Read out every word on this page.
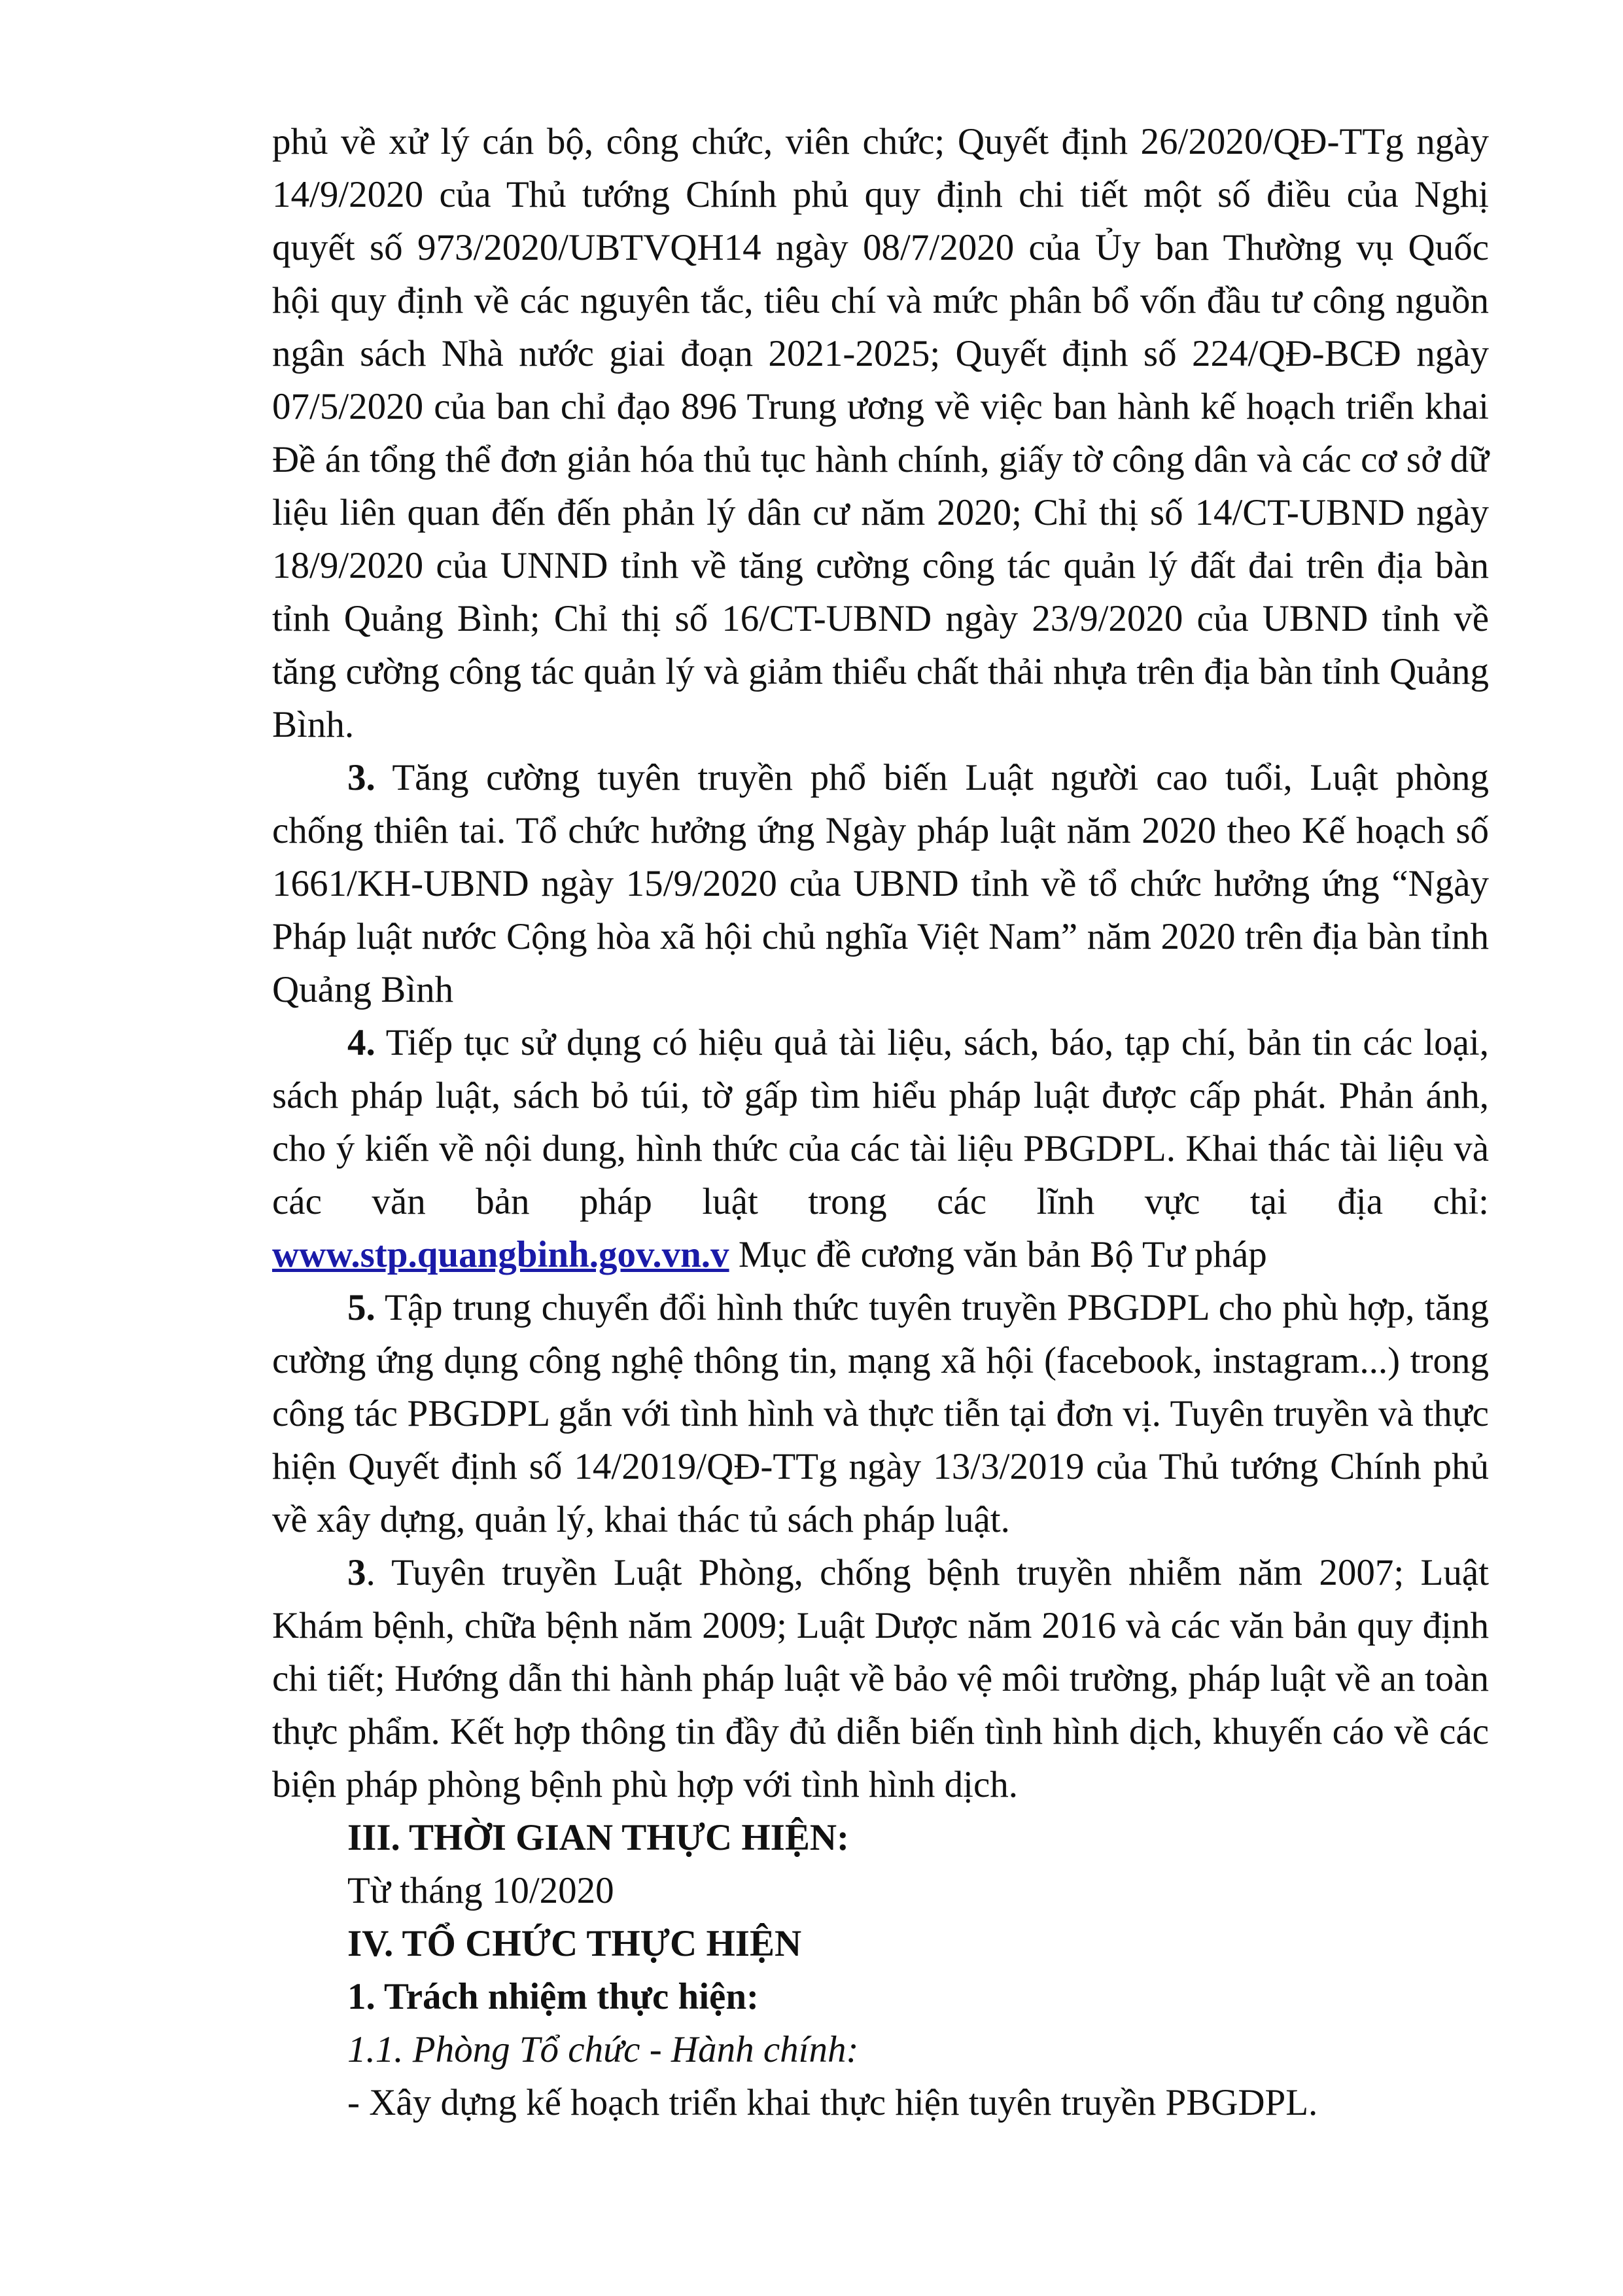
phủ về xử lý cán bộ, công chức, viên chức; Quyết định 26/2020/QĐ-TTg ngày 14/9/2020 của Thủ tướng Chính phủ quy định chi tiết một số điều của Nghị quyết số 973/2020/UBTVQH14 ngày 08/7/2020 của Ủy ban Thường vụ Quốc hội quy định về các nguyên tắc, tiêu chí và mức phân bổ vốn đầu tư công nguồn ngân sách Nhà nước giai đoạn 2021-2025; Quyết định số 224/QĐ-BCĐ ngày 07/5/2020 của ban chỉ đạo 896 Trung ương về việc ban hành kế hoạch triển khai Đề án tổng thể đơn giản hóa thủ tục hành chính, giấy tờ công dân và các cơ sở dữ liệu liên quan đến đến phản lý dân cư năm 2020; Chỉ thị số 14/CT-UBND ngày 18/9/2020 của UNND tỉnh về tăng cường công tác quản lý đất đai trên địa bàn tỉnh Quảng Bình; Chỉ thị số 16/CT-UBND ngày 23/9/2020 của UBND tỉnh về tăng cường công tác quản lý và giảm thiểu chất thải nhựa trên địa bàn tỉnh Quảng Bình.

3. Tăng cường tuyên truyền phổ biến Luật người cao tuổi, Luật phòng chống thiên tai. Tổ chức hưởng ứng Ngày pháp luật năm 2020 theo Kế hoạch số 1661/KH-UBND ngày 15/9/2020 của UBND tỉnh về tổ chức hưởng ứng “Ngày Pháp luật nước Cộng hòa xã hội chủ nghĩa Việt Nam” năm 2020 trên địa bàn tỉnh Quảng Bình

4. Tiếp tục sử dụng có hiệu quả tài liệu, sách, báo, tạp chí, bản tin các loại, sách pháp luật, sách bỏ túi, tờ gấp tìm hiểu pháp luật được cấp phát. Phản ánh, cho ý kiến về nội dung, hình thức của các tài liệu PBGDPL. Khai thác tài liệu và các văn bản pháp luật trong các lĩnh vực tại địa chỉ: www.stp.quangbinh.gov.vn.v Mục đề cương văn bản Bộ Tư pháp

5. Tập trung chuyển đổi hình thức tuyên truyền PBGDPL cho phù hợp, tăng cường ứng dụng công nghệ thông tin, mạng xã hội (facebook, instagram...) trong công tác PBGDPL gắn với tình hình và thực tiễn tại đơn vị. Tuyên truyền và thực hiện Quyết định số 14/2019/QĐ-TTg ngày 13/3/2019 của Thủ tướng Chính phủ về xây dựng, quản lý, khai thác tủ sách pháp luật.

3. Tuyên truyền Luật Phòng, chống bệnh truyền nhiễm năm 2007; Luật Khám bệnh, chữa bệnh năm 2009; Luật Dược năm 2016 và các văn bản quy định chi tiết; Hướng dẫn thi hành pháp luật về bảo vệ môi trường, pháp luật về an toàn thực phẩm. Kết hợp thông tin đầy đủ diễn biến tình hình dịch, khuyến cáo về các biện pháp phòng bệnh phù hợp với tình hình dịch.

III. THỜI GIAN THỰC HIỆN:

Từ tháng 10/2020

IV. TỔ CHỨC THỰC HIỆN

1. Trách nhiệm thực hiện:

1.1. Phòng Tổ chức - Hành chính:

- Xây dựng kế hoạch triển khai thực hiện tuyên truyền PBGDPL.
